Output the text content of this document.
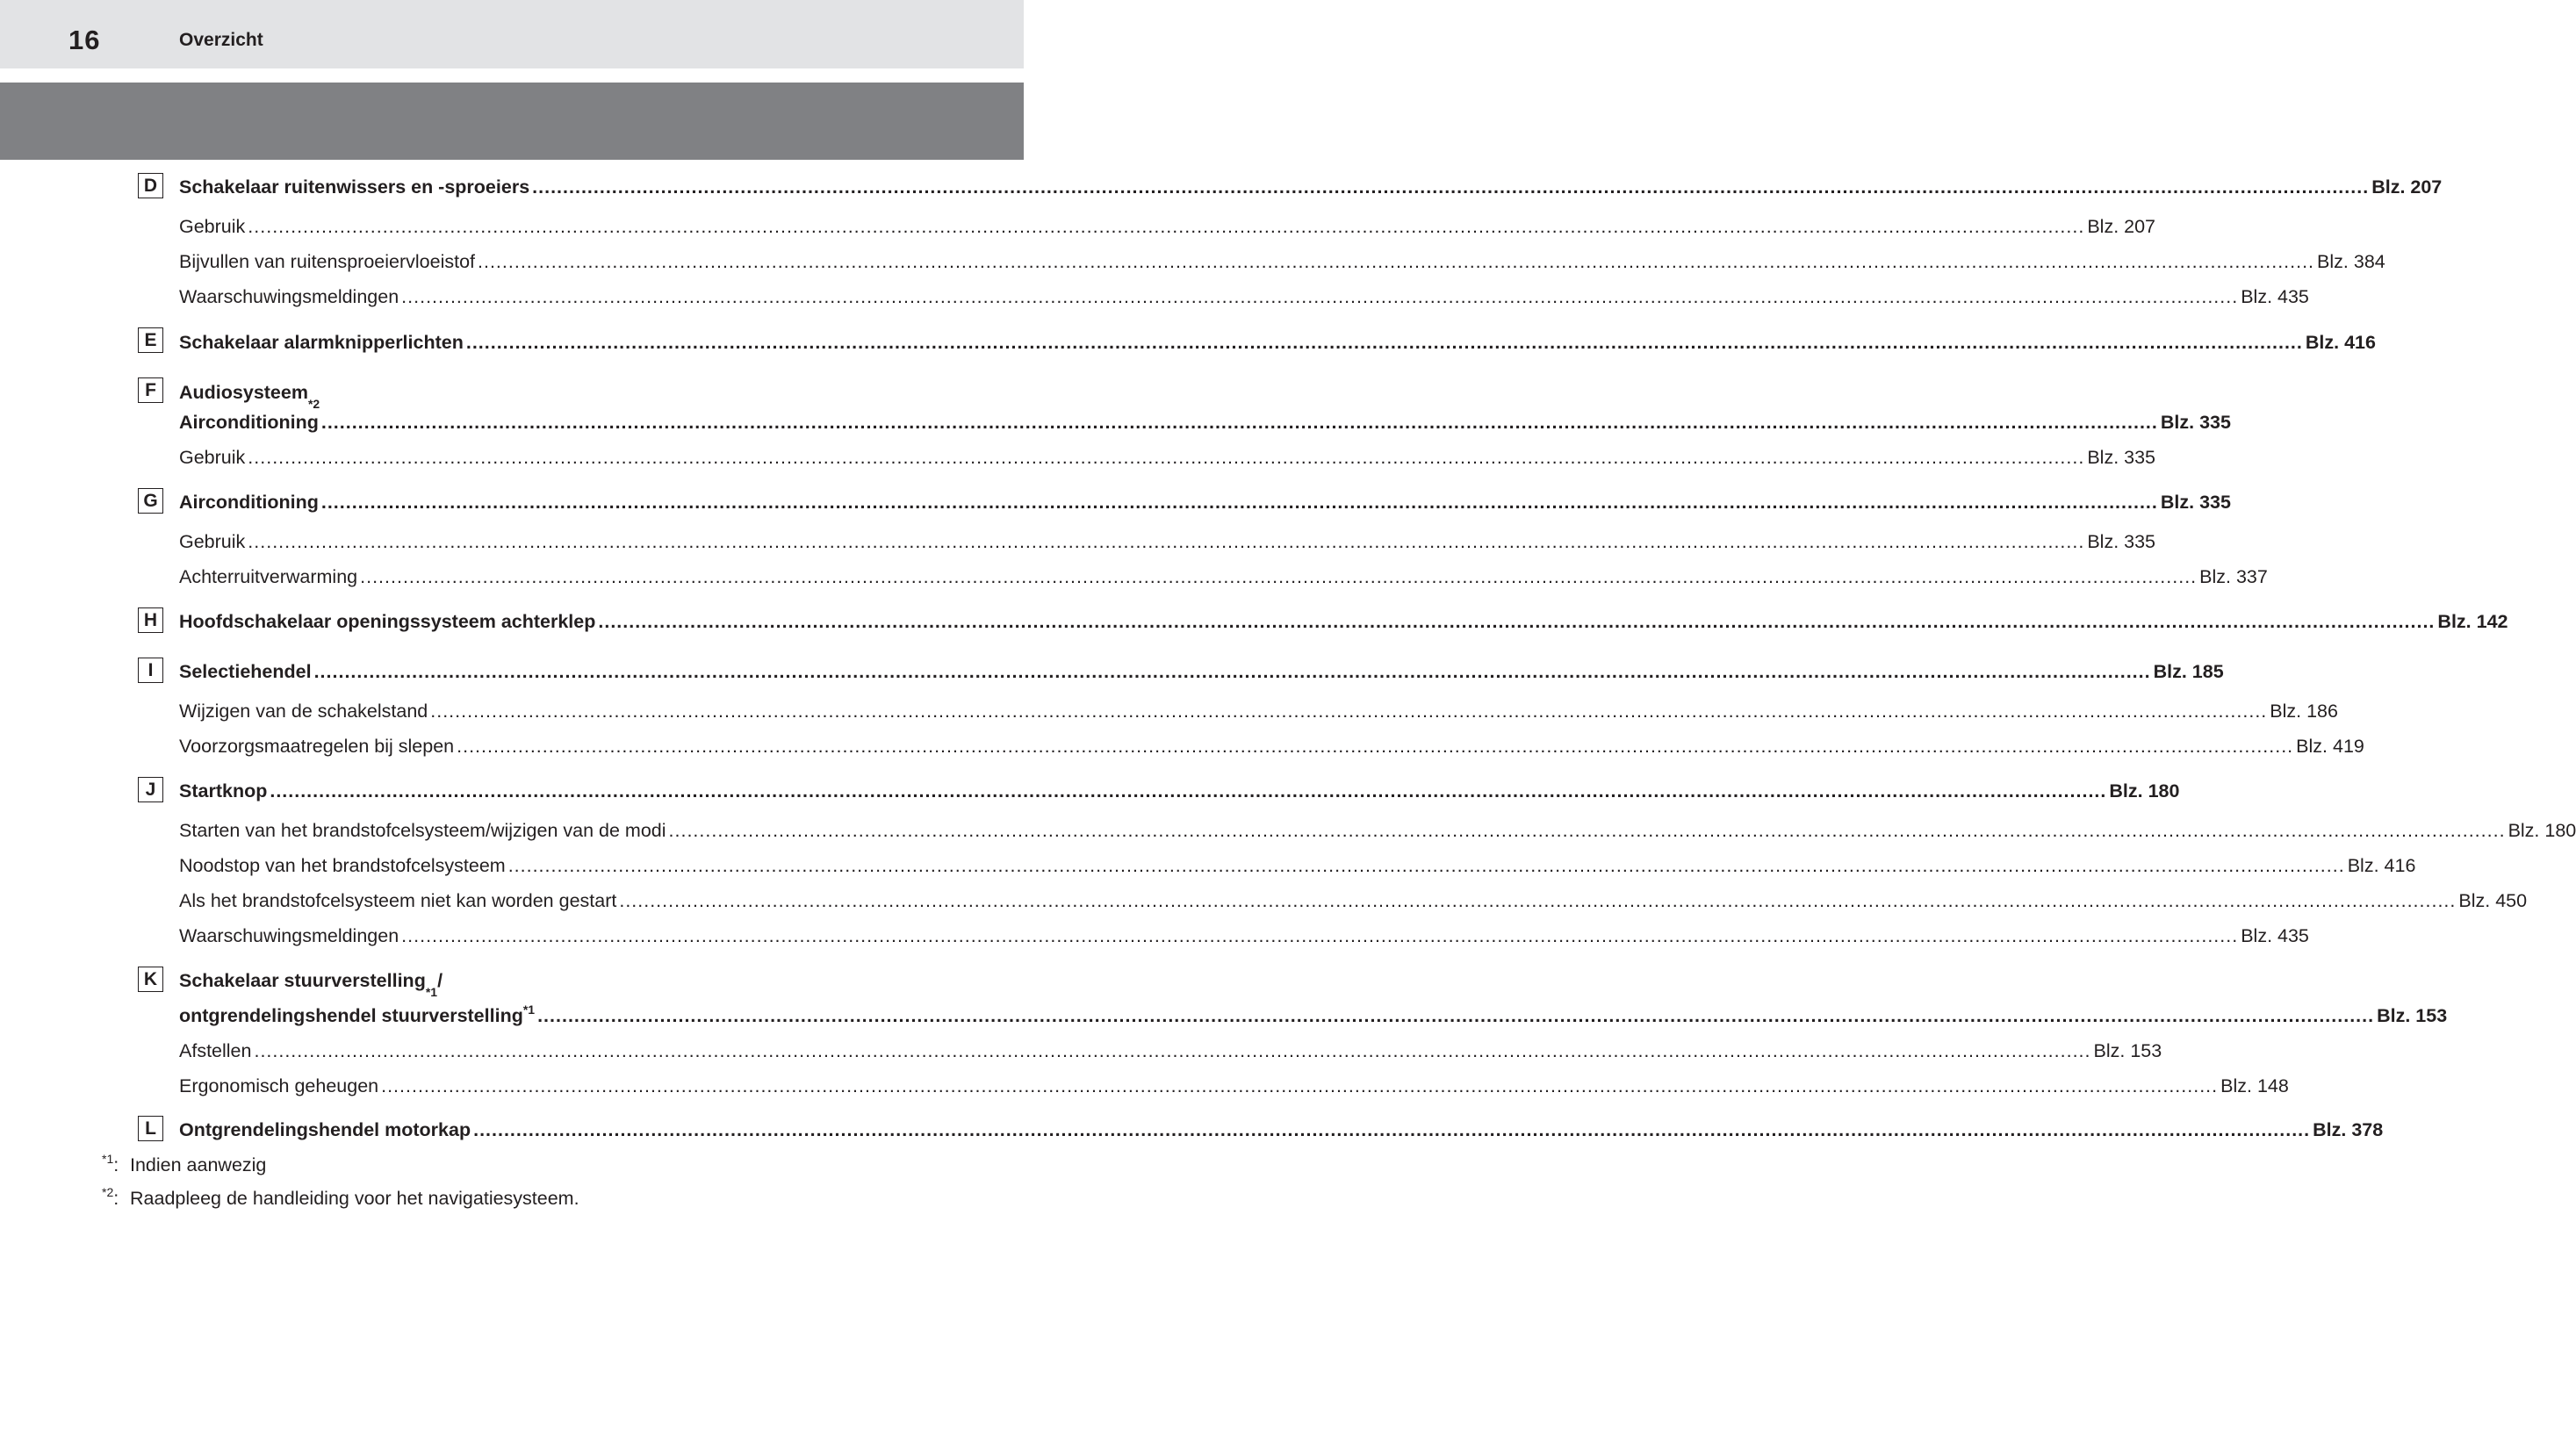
16	Overzicht
D	Schakelaar ruitenwissers en -sproeiers ............................................................................................................................................................................................................................................................................................................ Blz. 207
Gebruik ............................................................................................................................................................................................................................................................................................................ Blz. 207
Bijvullen van ruitensproeiervloeistof ............................................................................................................................................................................................................................................................................................................ Blz. 384
Waarschuwingsmeldingen ............................................................................................................................................................................................................................................................................................................ Blz. 435
E	Schakelaar alarmknipperlichten ............................................................................................................................................................................................................................................................................................................ Blz. 416
F	Audiosysteem
*2
Airconditioning ............................................................................................................................................................................................................................................................................................................ Blz. 335
Gebruik ............................................................................................................................................................................................................................................................................................................ Blz. 335
G Airconditioning ............................................................................................................................................................................................................................................................................................................ Blz. 335
Gebruik ............................................................................................................................................................................................................................................................................................................ Blz. 335
Achterruitverwarming ............................................................................................................................................................................................................................................................................................................ Blz. 337
H	Hoofdschakelaar openingssysteem achterklep ............................................................................................................................................................................................................................................................................................................ Blz. 142
I	Selectiehendel ............................................................................................................................................................................................................................................................................................................ Blz. 185
Wijzigen van de schakelstand ............................................................................................................................................................................................................................................................................................................ Blz. 186
Voorzorgsmaatregelen bij slepen ............................................................................................................................................................................................................................................................................................................ Blz. 419
J	Startknop ............................................................................................................................................................................................................................................................................................................ Blz. 180
Starten van het brandstofcelsysteem/wijzigen van de modi ............................................................................................................................................................................................................................................................................................................ Blz. 180
Noodstop van het brandstofcelsysteem ............................................................................................................................................................................................................................................................................................................ Blz. 416
Als het brandstofcelsysteem niet kan worden gestart ............................................................................................................................................................................................................................................................................................................ Blz. 450
Waarschuwingsmeldingen ............................................................................................................................................................................................................................................................................................................ Blz. 435
K	Schakelaar stuurverstelling
*1
/
ontgrendelingshendel stuurverstelling$^{*1}$ ............................................................................................................................................................................................................................................................................................................ Blz. 153
Afstellen ............................................................................................................................................................................................................................................................................................................ Blz. 153
Ergonomisch geheugen ............................................................................................................................................................................................................................................................................................................ Blz. 148
L	Ontgrendelingshendel motorkap ............................................................................................................................................................................................................................................................................................................ Blz. 378
$^{*1}$: Indien aanwezig
$^{*2}$: Raadpleeg de handleiding voor het navigatiesysteem.
